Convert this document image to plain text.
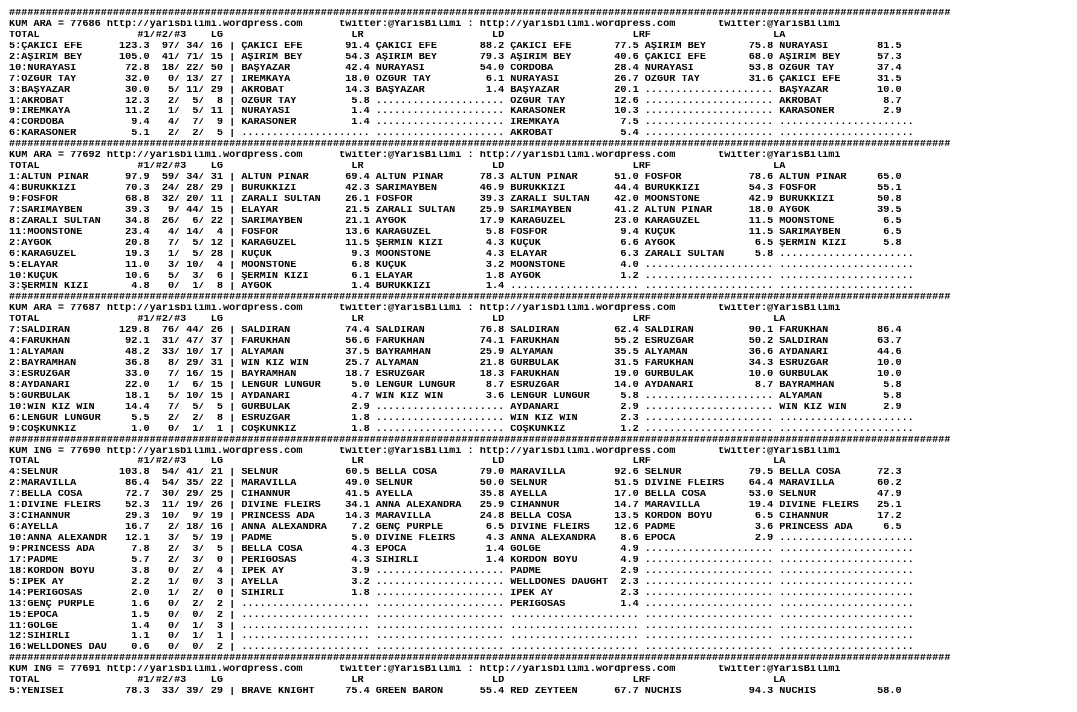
##########################################################################################################################################################
KUM ARA = 77686 http://yarisbilimi.wordpress.com      twitter:@YarisBilimi : http://yarisbilimi.wordpress.com       twitter:@YarisBilimi
TOTAL                #1/#2/#3    LG                     LR                     LD                     LRF                    LA
5:ÇAKICI EFE      123.3  97/ 34/ 16 | ÇAKICI EFE       91.4 ÇAKICI EFE       88.2 ÇAKICI EFE       77.5 AŞIRIM BEY       75.8 NURAYASI        81.5
2:AŞIRIM BEY      105.0  41/ 71/ 15 | AŞIRIM BEY       54.3 AŞIRIM BEY       79.3 AŞIRIM BEY       40.6 ÇAKICI EFE       68.0 AŞIRIM BEY      57.3
10:NURAYASI        72.8  18/ 22/ 50 | BAŞYAZAR         42.4 NURAYASI         54.0 CORDOBA          28.4 NURAYASI         53.8 ÖZGÜR TAY       37.4
7:ÖZGÜR TAY        32.0   0/ 13/ 27 | İREMKAYA         18.0 ÖZGÜR TAY         6.1 NURAYASI         26.7 ÖZGÜR TAY        31.6 ÇAKICI EFE      31.5
3:BAŞYAZAR         30.0   5/ 11/ 29 | AKROBAT          14.3 BAŞYAZAR          1.4 BAŞYAZAR         20.1 ..................... BAŞYAZAR        10.0
1:AKROBAT          12.3   2/  5/  8 | ÖZGÜR TAY         5.8 ..................... ÖZGÜR TAY        12.6 ..................... AKROBAT          8.7
9:İREMKAYA         11.2   1/  5/ 11 | NURAYASI          1.4 ..................... KARASONER        10.3 ..................... KARASONER        2.9
4:CORDOBA           9.4   4/  7/  9 | KARASONER         1.4 ..................... İREMKAYA          7.5 ..................... ......................
6:KARASONER         5.1   2/  2/  5 | ..................... ..................... AKROBAT           5.4 ..................... ......................
##########################################################################################################################################################
KUM ARA = 77692 http://yarisbilimi.wordpress.com      twitter:@YarisBilimi : http://yarisbilimi.wordpress.com       twitter:@YarisBilimi
TOTAL                #1/#2/#3    LG                     LR                     LD                     LRF                    LA
1:ALTUN PINAR      97.9  59/ 34/ 31 | ALTUN PINAR      69.4 ALTUN PINAR      78.3 ALTUN PINAR      51.0 FOSFOR           78.6 ALTUN PINAR     65.0
4:BURUKKIZI        70.3  24/ 28/ 29 | BURUKKIZI        42.3 SARIMAYBEN       46.9 BURUKKIZI        44.4 BURUKKIZI        54.3 FOSFOR          55.1
9:FOSFOR           68.8  32/ 20/ 11 | ZARALI SULTAN    26.1 FOSFOR           39.3 ZARALI SULTAN    42.0 MOONSTONE        42.9 BURUKKIZI       50.8
7:SARIMAYBEN       39.3   9/ 44/ 15 | ELAYAR           21.5 ZARALI SULTAN    25.9 SARIMAYBEN       41.2 ALTUN PINAR      18.0 AYGÖK           39.5
8:ZARALI SULTAN    34.8  26/  6/ 22 | SARIMAYBEN       21.1 AYGÖK            17.9 KARAGÜZEL        23.0 KARAGÜZEL        11.5 MOONSTONE        6.5
11:MOONSTONE       23.4   4/ 14/  4 | FOSFOR           13.6 KARAGÜZEL         5.8 FOSFOR            9.4 KÜÇÜK            11.5 SARIMAYBEN       6.5
2:AYGÖK            20.8   7/  5/ 12 | KARAGÜZEL        11.5 ŞERMİN KIZI       4.3 KÜÇÜK             6.6 AYGÖK             6.5 ŞERMİN KIZI      5.8
6:KARAGÜZEL        19.3   1/  5/ 28 | KÜÇÜK             9.3 MOONSTONE         4.3 ELAYAR            6.3 ZARALI SULTAN     5.8 ......................
5:ELAYAR           11.0   3/ 10/  4 | MOONSTONE         6.8 KÜÇÜK             3.2 MOONSTONE         4.0 ..................... ......................
10:KÜÇÜK           10.6   5/  3/  6 | ŞERMİN KIZI       6.1 ELAYAR            1.8 AYGÖK             1.2 ..................... ......................
3:ŞERMİN KIZI       4.8   0/  1/  8 | AYGÖK             1.4 BURUKKIZI         1.4 ..................... ..................... ......................
##########################################################################################################################################################
KUM ARA = 77687 http://yarisbilimi.wordpress.com      twitter:@YarisBilimi : http://yarisbilimi.wordpress.com       twitter:@YarisBilimi
TOTAL                #1/#2/#3    LG                     LR                     LD                     LRF                    LA
7:SALDIRAN        129.8  76/ 44/ 26 | SALDIRAN         74.4 SALDIRAN         76.8 SALDIRAN         62.4 SALDIRAN         90.1 FARUKHAN        86.4
4:FARUKHAN         92.1  31/ 47/ 37 | FARUKHAN         56.6 FARUKHAN         74.1 FARUKHAN         55.2 ESRÜZGAR         50.2 SALDIRAN        63.7
1:ALYAMAN          48.2  33/ 10/ 17 | ALYAMAN          37.5 BAYRAMHAN        25.9 ALYAMAN          35.5 ALYAMAN          36.6 AYDANARI        44.6
2:BAYRAMHAN        36.8   8/ 29/ 31 | WIN KIZ WIN      25.7 ALYAMAN          21.8 GÜRBULAK         31.5 FARUKHAN         34.3 ESRÜZGAR        10.0
3:ESRÜZGAR         33.0   7/ 16/ 15 | BAYRAMHAN        18.7 ESRÜZGAR         18.3 FARUKHAN         19.0 GÜRBULAK         10.0 GÜRBULAK        10.0
8:AYDANARI         22.0   1/  6/ 15 | LENGÜR LÜNGÜR     5.0 LENGÜR LÜNGÜR     8.7 ESRÜZGAR         14.0 AYDANARI          8.7 BAYRAMHAN        5.8
5:GÜRBULAK         18.1   5/ 10/ 15 | AYDANARI          4.7 WIN KIZ WIN       3.6 LENGÜR LÜNGÜR     5.8 ..................... ALYAMAN          5.8
10:WIN KIZ WIN     14.4   7/  5/  5 | GÜRBULAK          2.9 ..................... AYDANARI          2.9 ..................... WIN KIZ WIN      2.9
6:LENGÜR LÜNGÜR     5.5   2/  2/  8 | ESRÜZGAR          1.8 ..................... WIN KIZ WIN       2.3 ..................... ......................
9:COŞKUNKIZ         1.0   0/  1/  1 | COŞKUNKIZ         1.8 ..................... COŞKUNKIZ         1.2 ..................... ......................
##########################################################################################################################################################
KUM ING = 77690 http://yarisbilimi.wordpress.com      twitter:@YarisBilimi : http://yarisbilimi.wordpress.com       twitter:@YarisBilimi
TOTAL                #1/#2/#3    LG                     LR                     LD                     LRF                    LA
4:SELNUR          103.8  54/ 41/ 21 | SELNUR           60.5 BELLA COSA       79.0 MARAVILLA        92.6 SELNUR           79.5 BELLA COSA      72.3
2:MARAVILLA        86.4  54/ 35/ 22 | MARAVILLA        49.0 SELNUR           50.0 SELNUR           51.5 DIVINE FLEIRS    64.4 MARAVILLA       60.2
7:BELLA COSA       72.7  30/ 29/ 25 | CİHANNUR         41.5 AYELLA           35.8 AYELLA           17.0 BELLA COSA       53.0 SELNUR          47.9
1:DIVINE FLEIRS    52.3  11/ 19/ 26 | DIVINE FLEIRS    34.1 ANNA ALEXANDRA   25.9 CİHANNUR         14.7 MARAVILLA        19.4 DIVINE FLEIRS   25.1
3:CİHANNUR         29.3  10/  9/ 19 | PRINCESS ADA     14.3 MARAVILLA        24.8 BELLA COSA       13.5 KORDON BOYU       6.5 CİHANNUR        17.2
6:AYELLA           16.7   2/ 18/ 16 | ANNA ALEXANDRA    7.2 GENÇ PURPLE       6.5 DIVINE FLEIRS    12.6 PADME             3.6 PRINCESS ADA     6.5
10:ANNA ALEXANDR   12.1   3/  5/ 19 | PADME             5.0 DIVINE FLEIRS     4.3 ANNA ALEXANDRA    8.6 EPOCA             2.9 ......................
9:PRINCESS ADA      7.8   2/  3/  5 | BELLA COSA        4.3 EPOCA             1.4 GÖLGE             4.9 ..................... ......................
17:PADME            5.7   2/  3/  0 | PERIGOSAS         4.3 SİHİRLİ           1.4 KORDON BOYU       4.9 ..................... ......................
18:KORDON BOYU      3.8   0/  2/  4 | İPEK AY           3.9 ..................... PADME             2.9 ..................... ......................
5:İPEK AY           2.2   1/  0/  3 | AYELLA            3.2 ..................... WELLDONES DAUGHT  2.3 ..................... ......................
14:PERIGOSAS        2.0   1/  2/  0 | SİHİRLİ           1.8 ..................... İPEK AY           2.3 ..................... ......................
13:GENÇ PURPLE      1.6   0/  2/  2 | ..................... ..................... PERIGOSAS         1.4 ..................... ......................
15:EPOCA            1.5   0/  0/  2 | ..................... ..................... ..................... ..................... ......................
11:GÖLGE            1.4   0/  1/  3 | ..................... ..................... ..................... ..................... ......................
12:SİHİRLİ          1.1   0/  1/  1 | ..................... ..................... ..................... ..................... ......................
16:WELLDONES DAU    0.6   0/  0/  2 | ..................... ..................... ..................... ..................... ......................
##########################################################################################################################################################
KUM ING = 77691 http://yarisbilimi.wordpress.com      twitter:@YarisBilimi : http://yarisbilimi.wordpress.com       twitter:@YarisBilimi
TOTAL                #1/#2/#3    LG                     LR                     LD                     LRF                    LA
5:YENİSEİ          78.3  33/ 39/ 29 | BRAVE KNIGHT     75.4 GREEN BARON      55.4 RED ZEYTEEN      67.7 NUCHIS           94.3 NUCHIS          58.0
